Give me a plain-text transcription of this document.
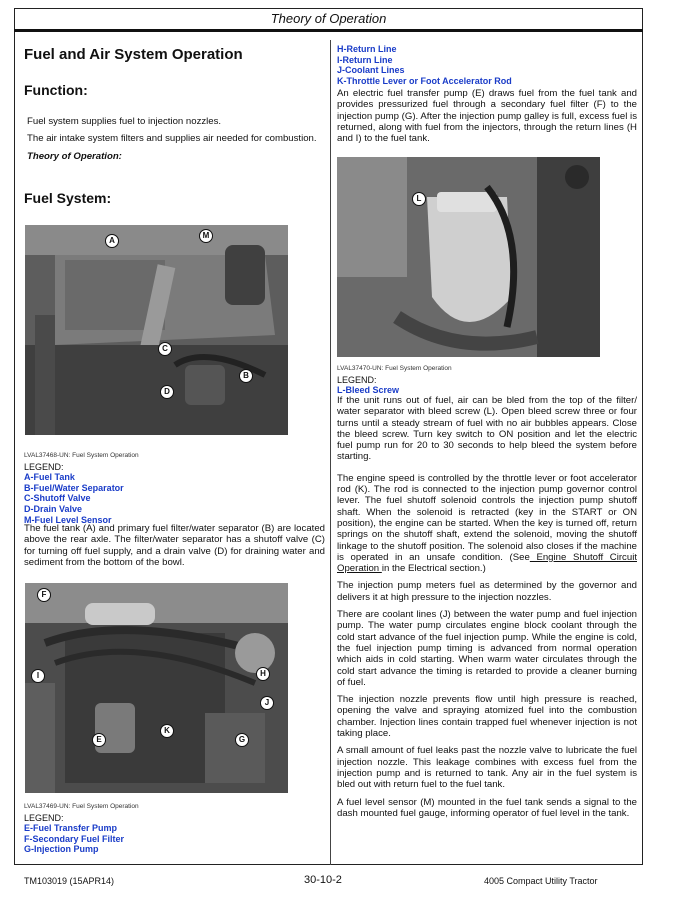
Theory of Operation
Fuel and Air System Operation
Function:

Fuel system supplies fuel to injection nozzles.

The air intake system filters and supplies air needed for combustion.

Theory of Operation:

Fuel System:
A
M
C
B
D
LVAL37468-UN: Fuel System Operation
LEGEND:
A-Fuel Tank
B-Fuel/Water Separator
C-Shutoff Valve
D-Drain Valve
M-Fuel Level Sensor
The fuel tank (A) and primary fuel filter/water separator (B) are located above the rear axle. The filter/water separator has a shutoff valve (C) for turning off fuel supply, and a drain valve (D) for draining water and sediment from the bottom of the bowl.
F
H
I
J
E
K
G
LVAL37469-UN: Fuel System Operation
LEGEND:
E-Fuel Transfer Pump
F-Secondary Fuel Filter
G-Injection Pump
H-Return Line
I-Return Line
J-Coolant Lines
K-Throttle Lever or Foot Accelerator Rod
An electric fuel transfer pump (E) draws fuel from the fuel tank and provides pressurized fuel through a secondary fuel filter (F) to the injection pump (G). After the injection pump galley is full, excess fuel is returned, along with fuel from the injectors, through the return lines (H and I) to the fuel tank.
L
LVAL37470-UN: Fuel System Operation
LEGEND:
L-Bleed Screw

If the unit runs out of fuel, air can be bled from the top of the filter/ water separator with bleed screw (L). Open bleed screw three or four turns until a steady stream of fuel with no air bubbles appears. Close the bleed screw. Turn key switch to ON position and let the electric fuel pump run for 20 to 30 seconds to help bleed the system before starting.

The engine speed is controlled by the throttle lever or foot accelerator rod (K). The rod is connected to the injection pump governor control lever. The fuel shutoff solenoid controls the injection pump shutoff shaft. When the solenoid is retracted (key in the START or ON position), the engine can be started. When the key is turned off, return springs on the shutoff shaft, extend the solenoid, moving the shutoff linkage to the shutoff position. The solenoid also closes if the machine is operated in an unsafe condition. (See Engine Shutoff Circuit Operation in the Electrical section.)

The injection pump meters fuel as determined by the governor and delivers it at high pressure to the injection nozzles.

There are coolant lines (J) between the water pump and fuel injection pump. The water pump circulates engine block coolant through the cold start advance of the fuel injection pump. While the engine is cold, the fuel injection pump timing is advanced from normal operation which aids in cold starting. When warm water circulates through the cold start advance the timing is retarded to provide a cleaner burning of fuel.

The injection nozzle prevents flow until high pressure is reached, opening the valve and spraying atomized fuel into the combustion chamber. Injection lines contain trapped fuel whenever injection is not taking place.

A small amount of fuel leaks past the nozzle valve to lubricate the fuel injection nozzle. This leakage combines with excess fuel from the injection pump and is returned to tank. Any air in the fuel system is bled out with return fuel to the fuel tank.

A fuel level sensor (M) mounted in the fuel tank sends a signal to the dash mounted fuel gauge, informing operator of fuel level in the tank.

TM103019 (15APR14)	30-10-2	4005 Compact Utility Tractor
